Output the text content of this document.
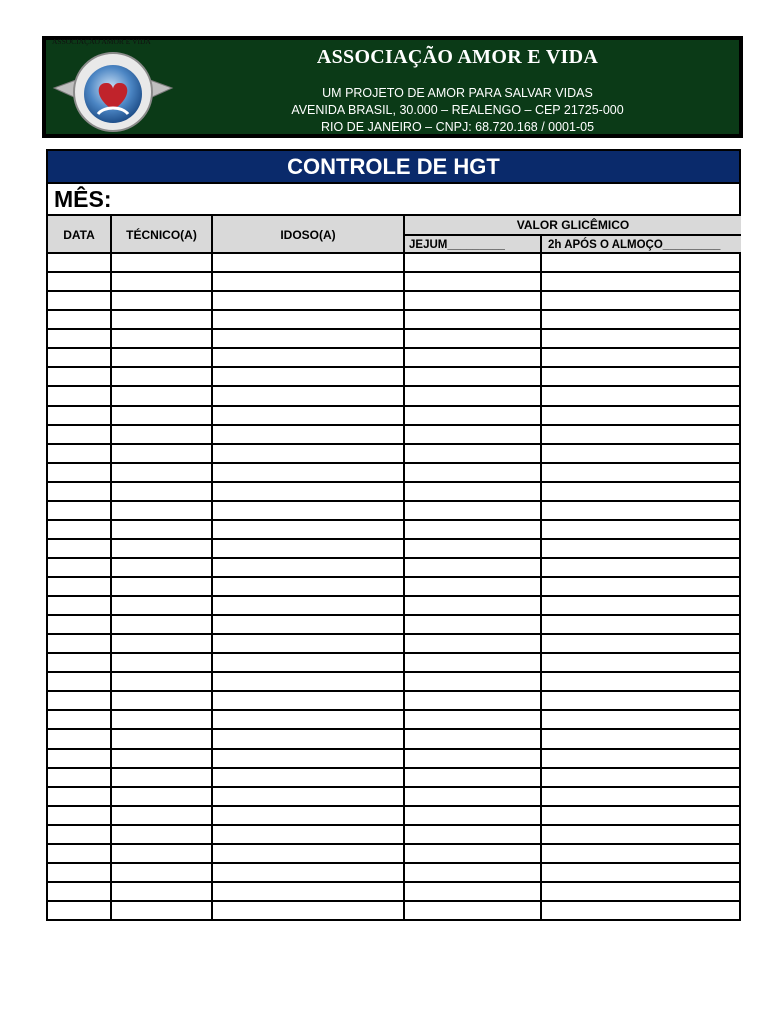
ASSOCIAÇÃO AMOR E VIDA
ASSOCIAÇÃO AMOR E VIDA
UM PROJETO DE AMOR PARA SALVAR VIDAS
AVENIDA BRASIL, 30.000 – REALENGO – CEP 21725-000
RIO DE JANEIRO – CNPJ: 68.720.168 / 0001-05
CONTROLE DE HGT
MÊS:
DATA	TÉCNICO(A)	IDOSO(A)
VALOR GLICÊMICO
JEJUM_________	2h APÓS O ALMOÇO_________
